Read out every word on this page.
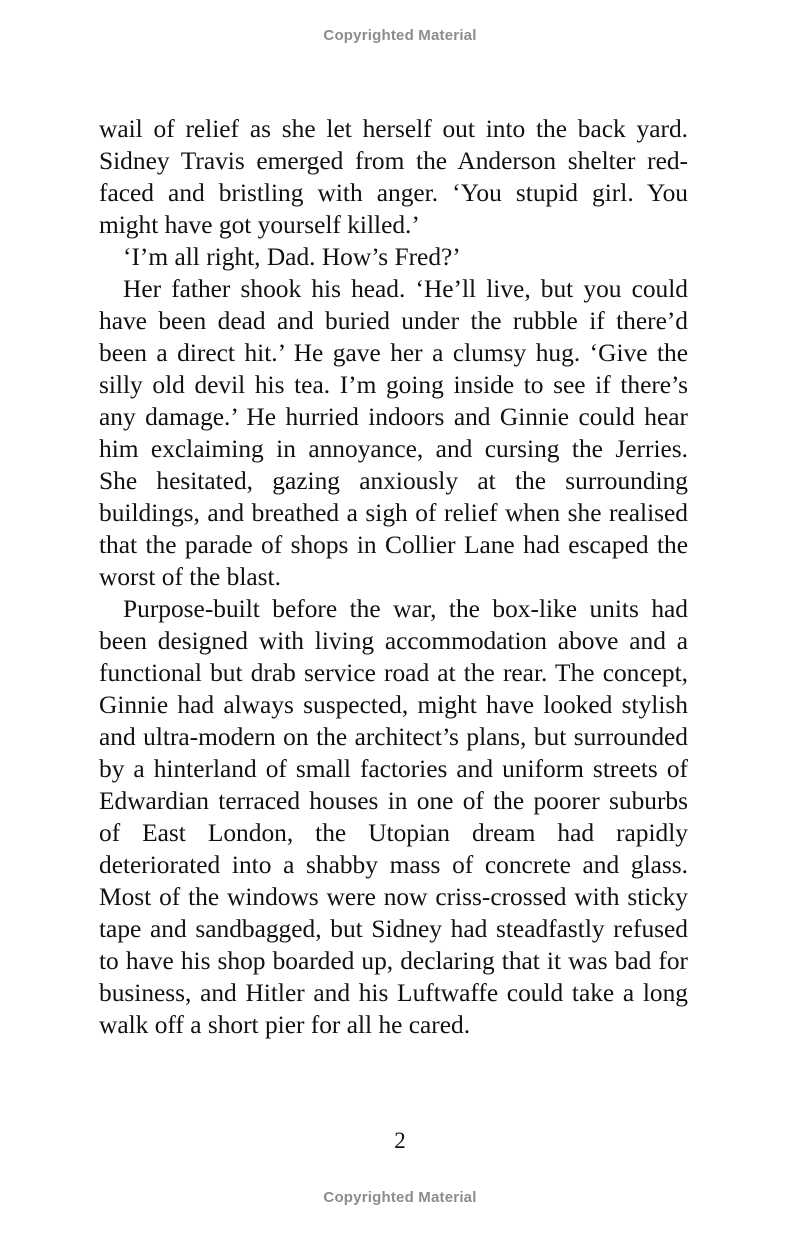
Copyrighted Material

wail of relief as she let herself out into the back yard. Sidney Travis emerged from the Anderson shelter red-faced and bristling with anger. ‘You stupid girl. You might have got yourself killed.’

‘I’m all right, Dad. How’s Fred?’

Her father shook his head. ‘He’ll live, but you could have been dead and buried under the rubble if there’d been a direct hit.’ He gave her a clumsy hug. ‘Give the silly old devil his tea. I’m going inside to see if there’s any damage.’ He hurried indoors and Ginnie could hear him exclaiming in annoyance, and cursing the Jerries. She hesitated, gazing anxiously at the surrounding buildings, and breathed a sigh of relief when she realised that the parade of shops in Collier Lane had escaped the worst of the blast.

Purpose-built before the war, the box-like units had been designed with living accommodation above and a functional but drab service road at the rear. The concept, Ginnie had always suspected, might have looked stylish and ultra-modern on the architect’s plans, but surrounded by a hinterland of small factories and uniform streets of Edwardian terraced houses in one of the poorer suburbs of East London, the Utopian dream had rapidly deteriorated into a shabby mass of concrete and glass. Most of the windows were now criss-crossed with sticky tape and sandbagged, but Sidney had steadfastly refused to have his shop boarded up, declaring that it was bad for business, and Hitler and his Luftwaffe could take a long walk off a short pier for all he cared.

2
Copyrighted Material
